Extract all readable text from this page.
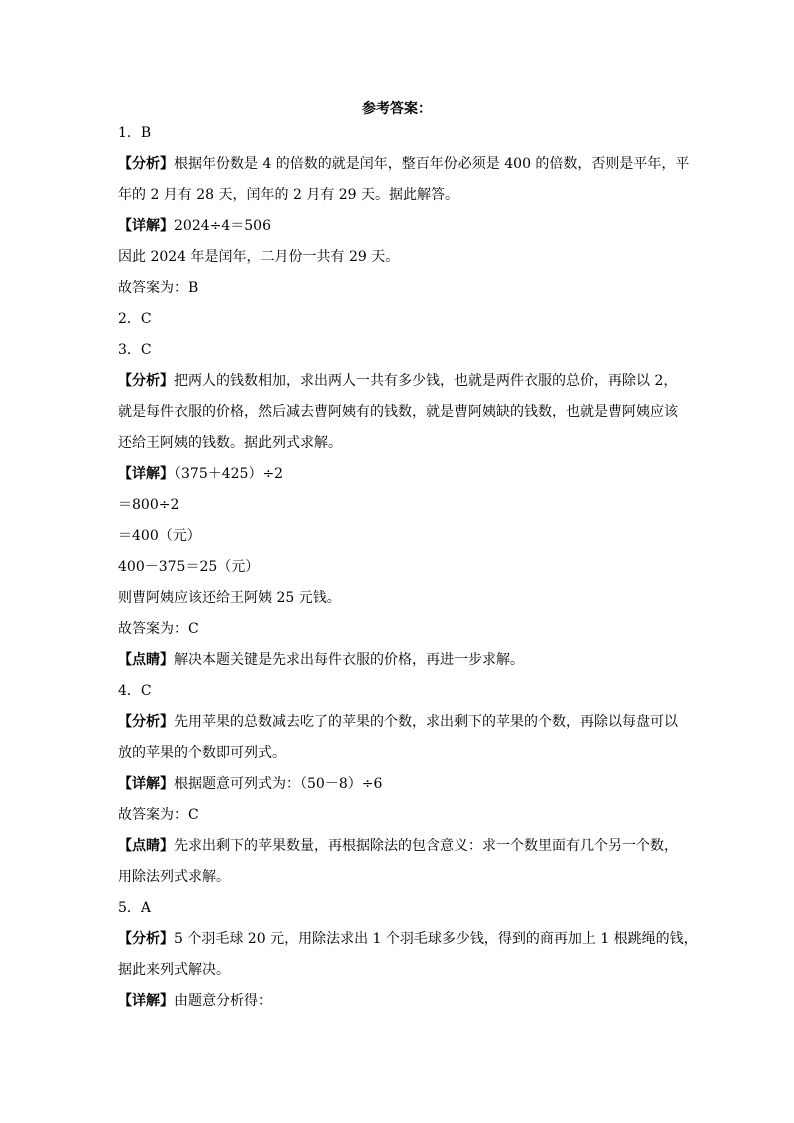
参考答案：
1．B
【分析】根据年份数是 4 的倍数的就是闰年，整百年份必须是 400 的倍数，否则是平年，平
年的 2 月有 28 天，闰年的 2 月有 29 天。据此解答。
【详解】2024÷4＝506
因此 2024 年是闰年，二月份一共有 29 天。
故答案为：B
2．C
3．C
【分析】把两人的钱数相加，求出两人一共有多少钱，也就是两件衣服的总价，再除以 2，
就是每件衣服的价格，然后减去曹阿姨有的钱数，就是曹阿姨缺的钱数，也就是曹阿姨应该
还给王阿姨的钱数。据此列式求解。
【详解】（375＋425）÷2
＝800÷2
＝400（元）
400－375＝25（元）
则曹阿姨应该还给王阿姨 25 元钱。
故答案为：C
【点睛】解决本题关键是先求出每件衣服的价格，再进一步求解。
4．C
【分析】先用苹果的总数减去吃了的苹果的个数，求出剩下的苹果的个数，再除以每盘可以
放的苹果的个数即可列式。
【详解】根据题意可列式为：（50－8）÷6
故答案为：C
【点睛】先求出剩下的苹果数量，再根据除法的包含意义：求一个数里面有几个另一个数，
用除法列式求解。
5．A
【分析】5 个羽毛球 20 元，用除法求出 1 个羽毛球多少钱，得到的商再加上 1 根跳绳的钱，
据此来列式解决。
【详解】由题意分析得：
